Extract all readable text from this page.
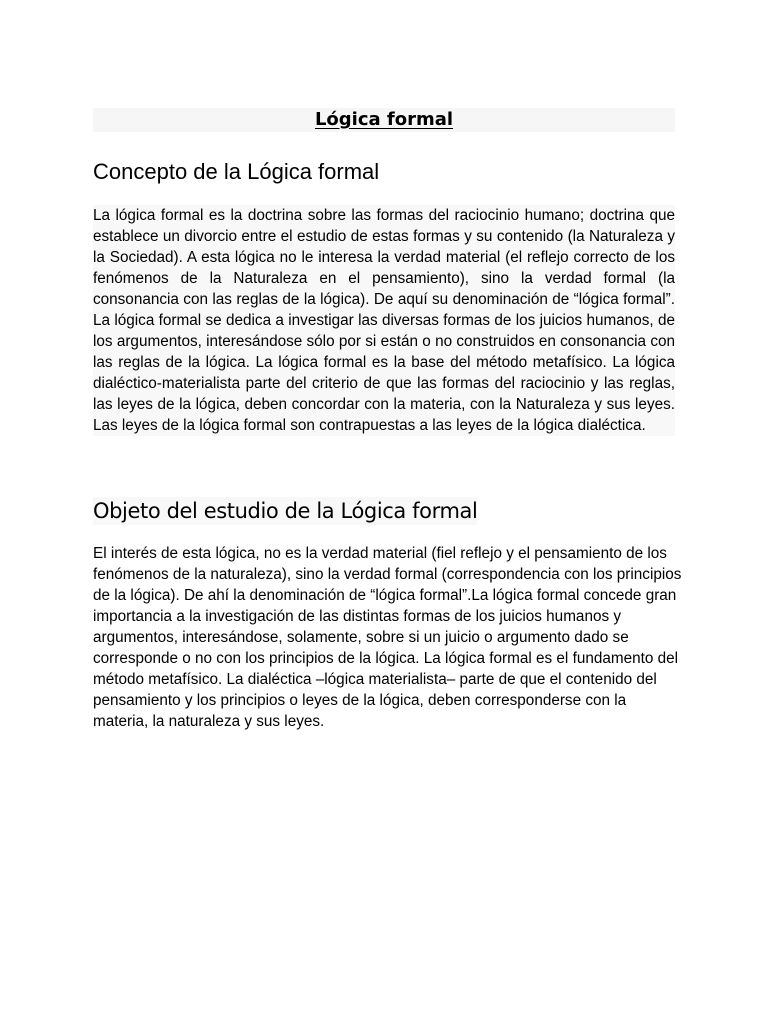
Lógica formal
Concepto de la Lógica formal

La lógica formal es la doctrina sobre las formas del raciocinio humano; doctrina que establece un divorcio entre el estudio de estas formas y su contenido (la Naturaleza y la Sociedad). A esta lógica no le interesa la verdad material (el reflejo correcto de los fenómenos de la Naturaleza en el pensamiento), sino la verdad formal (la consonancia con las reglas de la lógica). De aquí su denominación de “lógica formal”. La lógica formal se dedica a investigar las diversas formas de los juicios humanos, de los argumentos, interesándose sólo por si están o no construidos en consonancia con las reglas de la lógica. La lógica formal es la base del método metafísico. La lógica dialéctico-materialista parte del criterio de que las formas del raciocinio y las reglas, las leyes de la lógica, deben concordar con la materia, con la Naturaleza y sus leyes. Las leyes de la lógica formal son contrapuestas a las leyes de la lógica dialéctica.

Objeto del estudio de la Lógica formal

El interés de esta lógica, no es la verdad material (fiel reflejo y el pensamiento de los fenómenos de la naturaleza), sino la verdad formal (correspondencia con los principios de la lógica). De ahí la denominación de “lógica formal”.La lógica formal concede gran importancia a la investigación de las distintas formas de los juicios humanos y argumentos, interesándose, solamente, sobre si un juicio o argumento dado se corresponde o no con los principios de la lógica. La lógica formal es el fundamento del método metafísico. La dialéctica –lógica materialista– parte de que el contenido del pensamiento y los principios o leyes de la lógica, deben corresponderse con la materia, la naturaleza y sus leyes.
